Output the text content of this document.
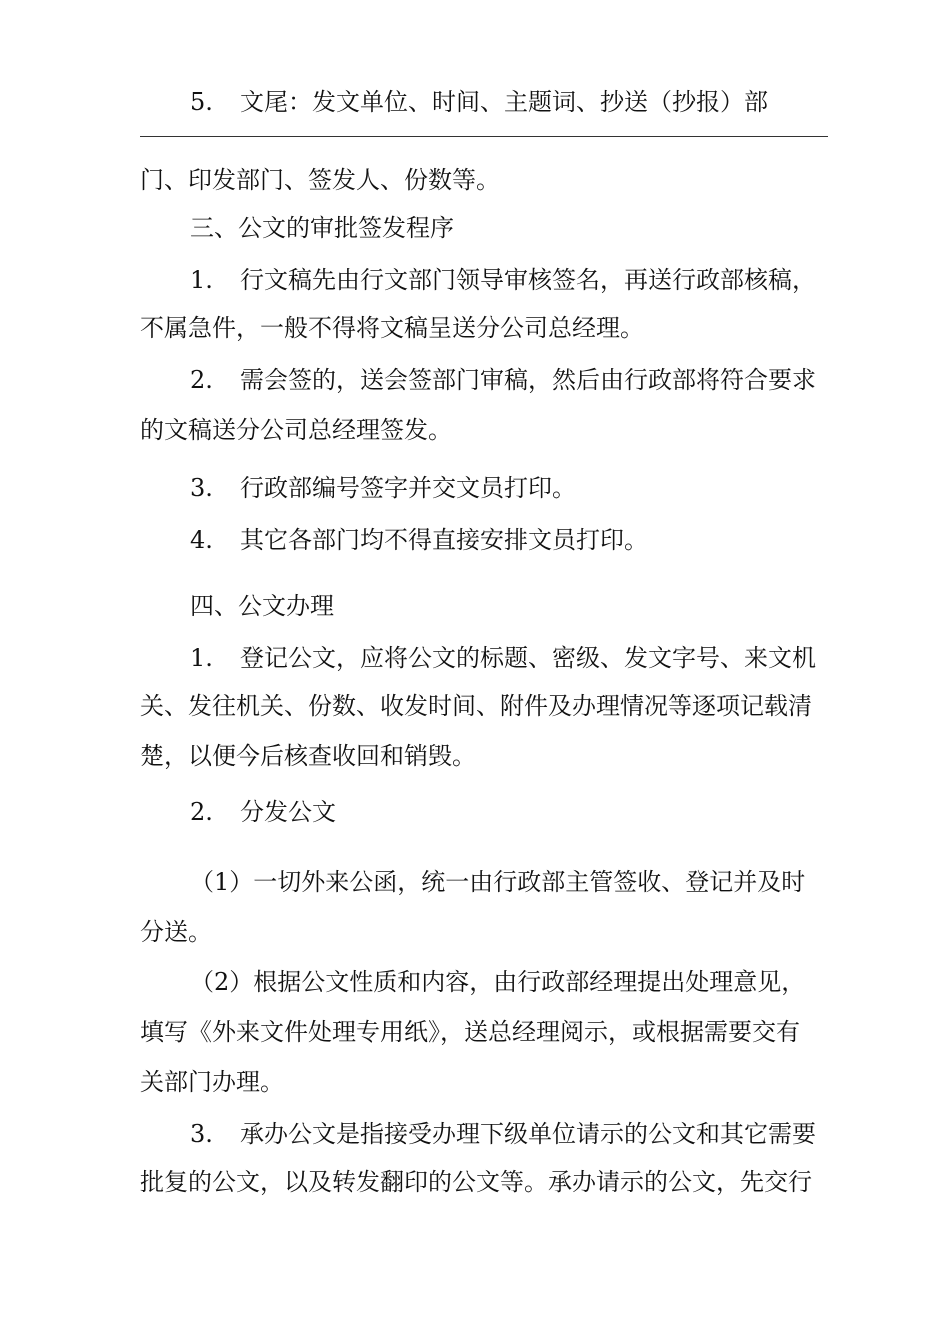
5. 文尾：发文单位、时间、主题词、抄送（抄报）部
门、印发部门、签发人、份数等。
三、公文的审批签发程序
1. 行文稿先由行文部门领导审核签名，再送行政部核稿，
不属急件，一般不得将文稿呈送分公司总经理。
2. 需会签的，送会签部门审稿，然后由行政部将符合要求
的文稿送分公司总经理签发。
3. 行政部编号签字并交文员打印。
4. 其它各部门均不得直接安排文员打印。
四、公文办理
1. 登记公文，应将公文的标题、密级、发文字号、来文机
关、发往机关、份数、收发时间、附件及办理情况等逐项记载清
楚，以便今后核查收回和销毁。
2. 分发公文
（1）一切外来公函，统一由行政部主管签收、登记并及时
分送。
（2）根据公文性质和内容，由行政部经理提出处理意见，
填写《外来文件处理专用纸》，送总经理阅示，或根据需要交有
关部门办理。
3. 承办公文是指接受办理下级单位请示的公文和其它需要
批复的公文，以及转发翻印的公文等。承办请示的公文，先交行
